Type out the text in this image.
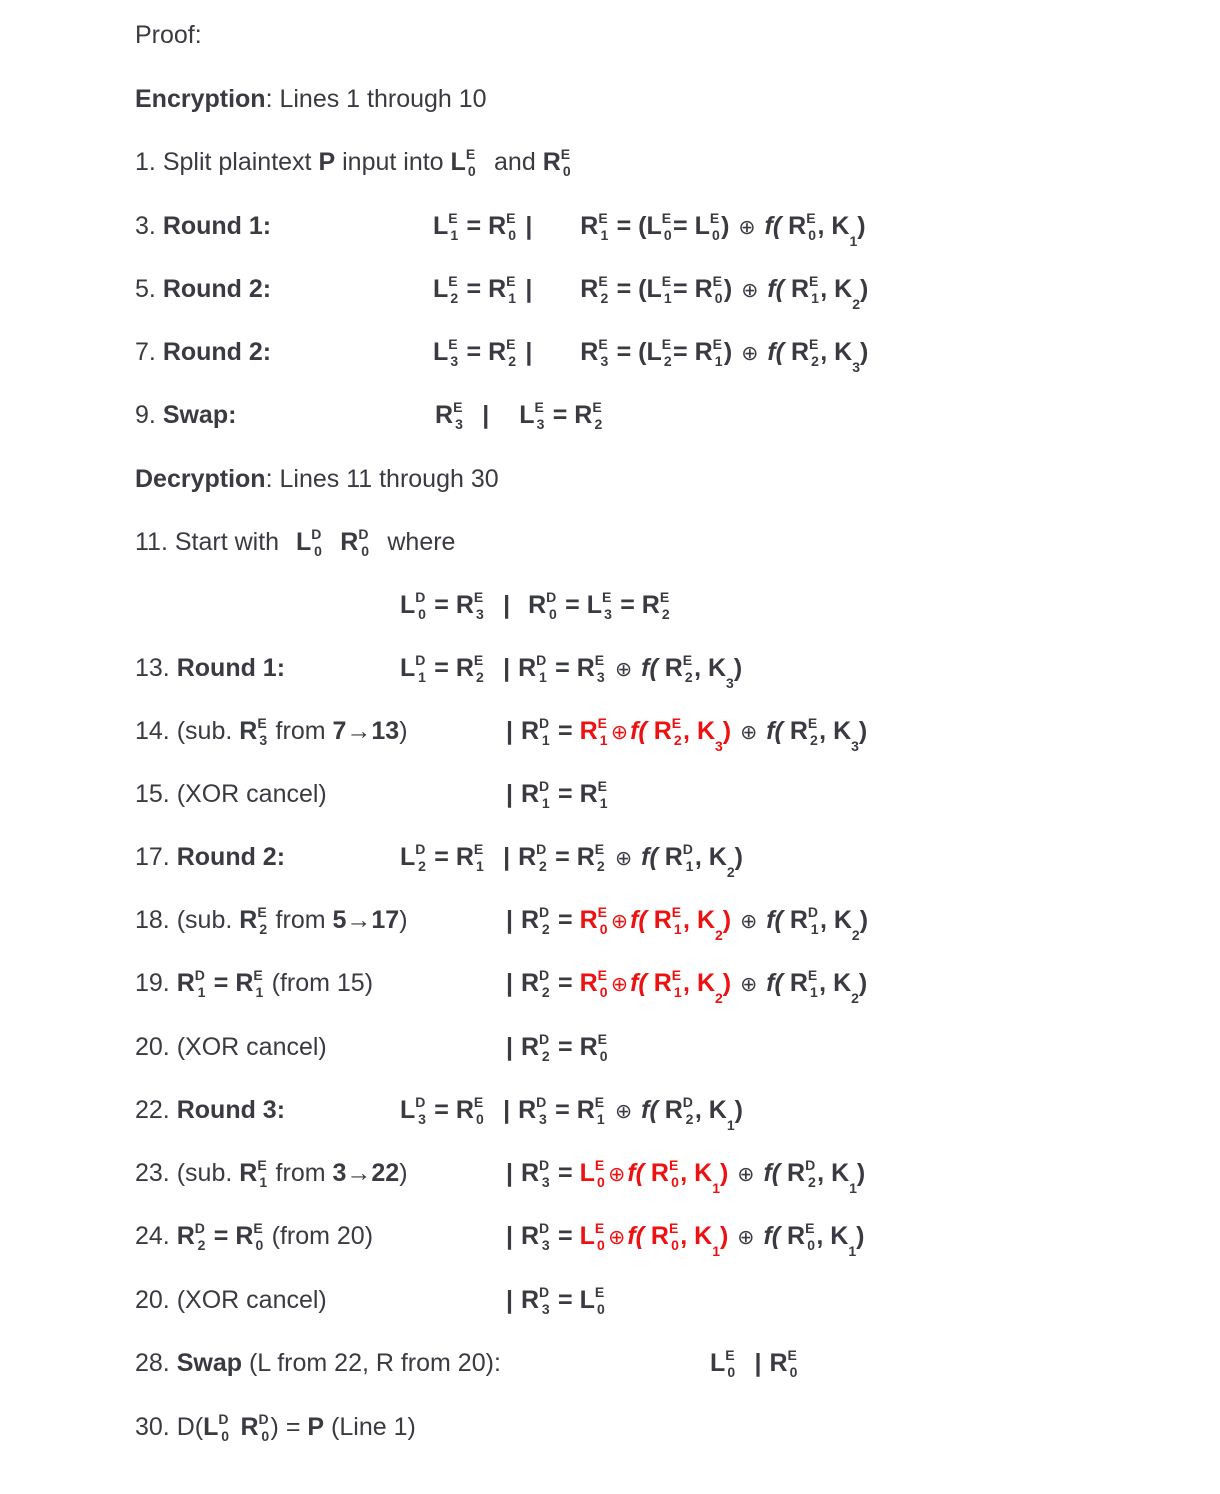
Proof:
Encryption: Lines 1 through 10
1. Split plaintext P input into $L^E_0$ and $R^E_0$
3. Round 1:	$L^E_1 = R^E_0$ | $R^E_1 = (L^E_0= L^E_0)$ ⊕ f( $R^E_0$, $K_1$)
5. Round 2:	$L^E_2 = R^E_1$ | $R^E_2 = (L^E_1= R^E_0)$ ⊕ f( $R^E_1$, $K_2$)
7. Round 2:	$L^E_3 = R^E_2$ | $R^E_3 = (L^E_2= R^E_1)$ ⊕ f( $R^E_2$, $K_3$)
9. Swap:	$R^E_3$ | $L^E_3 = R^E_2$
Decryption: Lines 11 through 30
11. Start with $L^D_0$ $R^D_0$ where
$L^D_0 = R^E_3$ | $R^D_0 = L^E_3 = R^E_2$
13. Round 1:	$L^D_1 = R^E_2$ | $R^D_1 = R^E_3$ ⊕ f( $R^E_2$, $K_3$)
14. (sub. $R^E_3$ from 7→13)	| $R^D_1 = R^E_1$ ⊕f( $R^E_2$, $K_3$) ⊕ f( $R^E_2$, $K_3$)
15. (XOR cancel)	| $R^D_1 = R^E_1$
17. Round 2:	$L^D_2 = R^E_1$ | $R^D_2 = R^E_2$ ⊕ f( $R^D_1$, $K_2$)
18. (sub. $R^E_2$ from 5→17)	| $R^D_2 = R^E_0$ ⊕f( $R^E_1$, $K_2$) ⊕ f( $R^D_1$, $K_2$)
19. $R^D_1 = R^E_1$ (from 15)	| $R^D_2 = R^E_0$ ⊕f( $R^E_1$, $K_2$) ⊕ f( $R^E_1$, $K_2$)
20. (XOR cancel)	| $R^D_2 = R^E_0$
22. Round 3:	$L^D_3 = R^E_0$ | $R^D_3 = R^E_1$ ⊕ f( $R^D_2$, $K_1$)
23. (sub. $R^E_1$ from 3→22)	| $R^D_3 = L^E_0$ ⊕f( $R^E_0$, $K_1$) ⊕ f( $R^D_2$, $K_1$)
24. $R^D_2 = R^E_0$ (from 20)	| $R^D_3 = L^E_0$ ⊕f( $R^E_0$, $K_1$) ⊕ f( $R^E_0$, $K_1$)
20. (XOR cancel)	| $R^D_3 = L^E_0$
28. Swap (L from 22, R from 20):	$L^E_0$ | $R^E_0$
30. $D(L^D_0$ $R^D_0) = P$ (Line 1)
